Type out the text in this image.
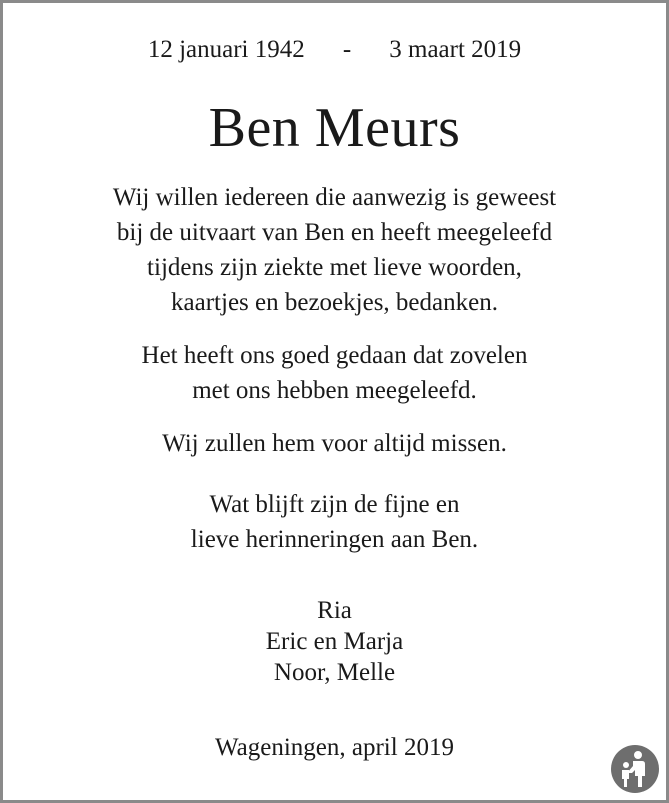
12 januari 1942 - 3 maart 2019
Ben Meurs
Wij willen iedereen die aanwezig is geweest
bij de uitvaart van Ben en heeft meegeleefd
tijdens zijn ziekte met lieve woorden,
kaartjes en bezoekjes, bedanken.
Het heeft ons goed gedaan dat zovelen
met ons hebben meegeleefd.
Wij zullen hem voor altijd missen.
Wat blijft zijn de fijne en
lieve herinneringen aan Ben.
Ria
Eric en Marja
Noor, Melle
Wageningen, april 2019
